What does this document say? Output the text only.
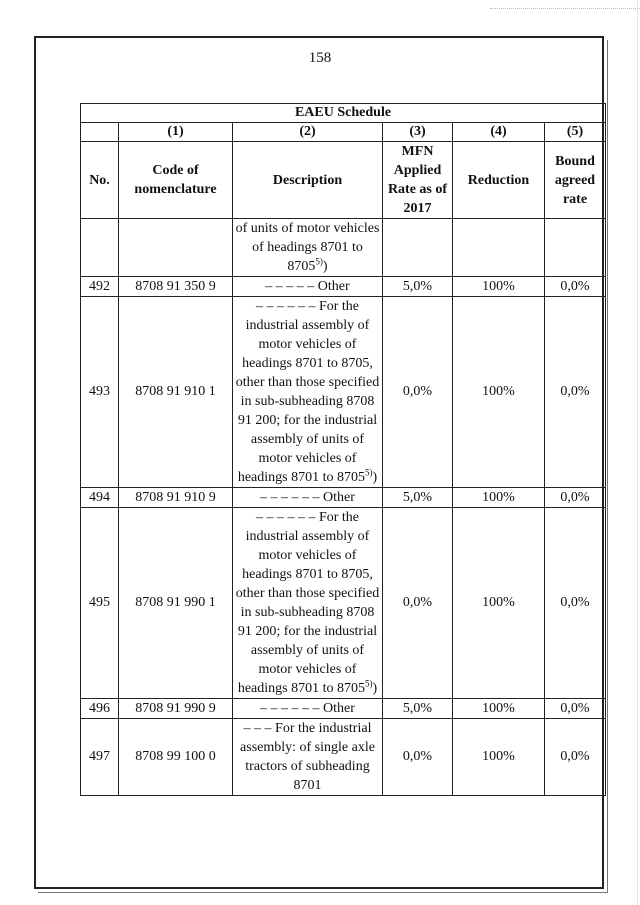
158
EAEU Schedule					
	(1)	(2)	(3)	(4)	(5)
No.	Code of nomenclature	Description	MFN Applied Rate as of 2017	Reduction	Bound agreed rate
		of units of motor vehicles of headings 8701 to 8705$^{5)}$)			
492	8708 91 350 9	– – – – – Other	5,0%	100%	0,0%
493	8708 91 910 1	– – – – – – For the industrial assembly of motor vehicles of headings 8701 to 8705, other than those specified in sub-subheading 8708 91 200; for the industrial assembly of units of motor vehicles of headings 8701 to 8705$^{5)}$)	0,0%	100%	0,0%
494	8708 91 910 9	– – – – – – Other	5,0%	100%	0,0%
495	8708 91 990 1	– – – – – – For the industrial assembly of motor vehicles of headings 8701 to 8705, other than those specified in sub-subheading 8708 91 200; for the industrial assembly of units of motor vehicles of headings 8701 to 8705$^{5)}$)	0,0%	100%	0,0%
496	8708 91 990 9	– – – – – – Other	5,0%	100%	0,0%
497	8708 99 100 0	– – – For the industrial assembly: of single axle tractors of subheading 8701	0,0%	100%	0,0%
